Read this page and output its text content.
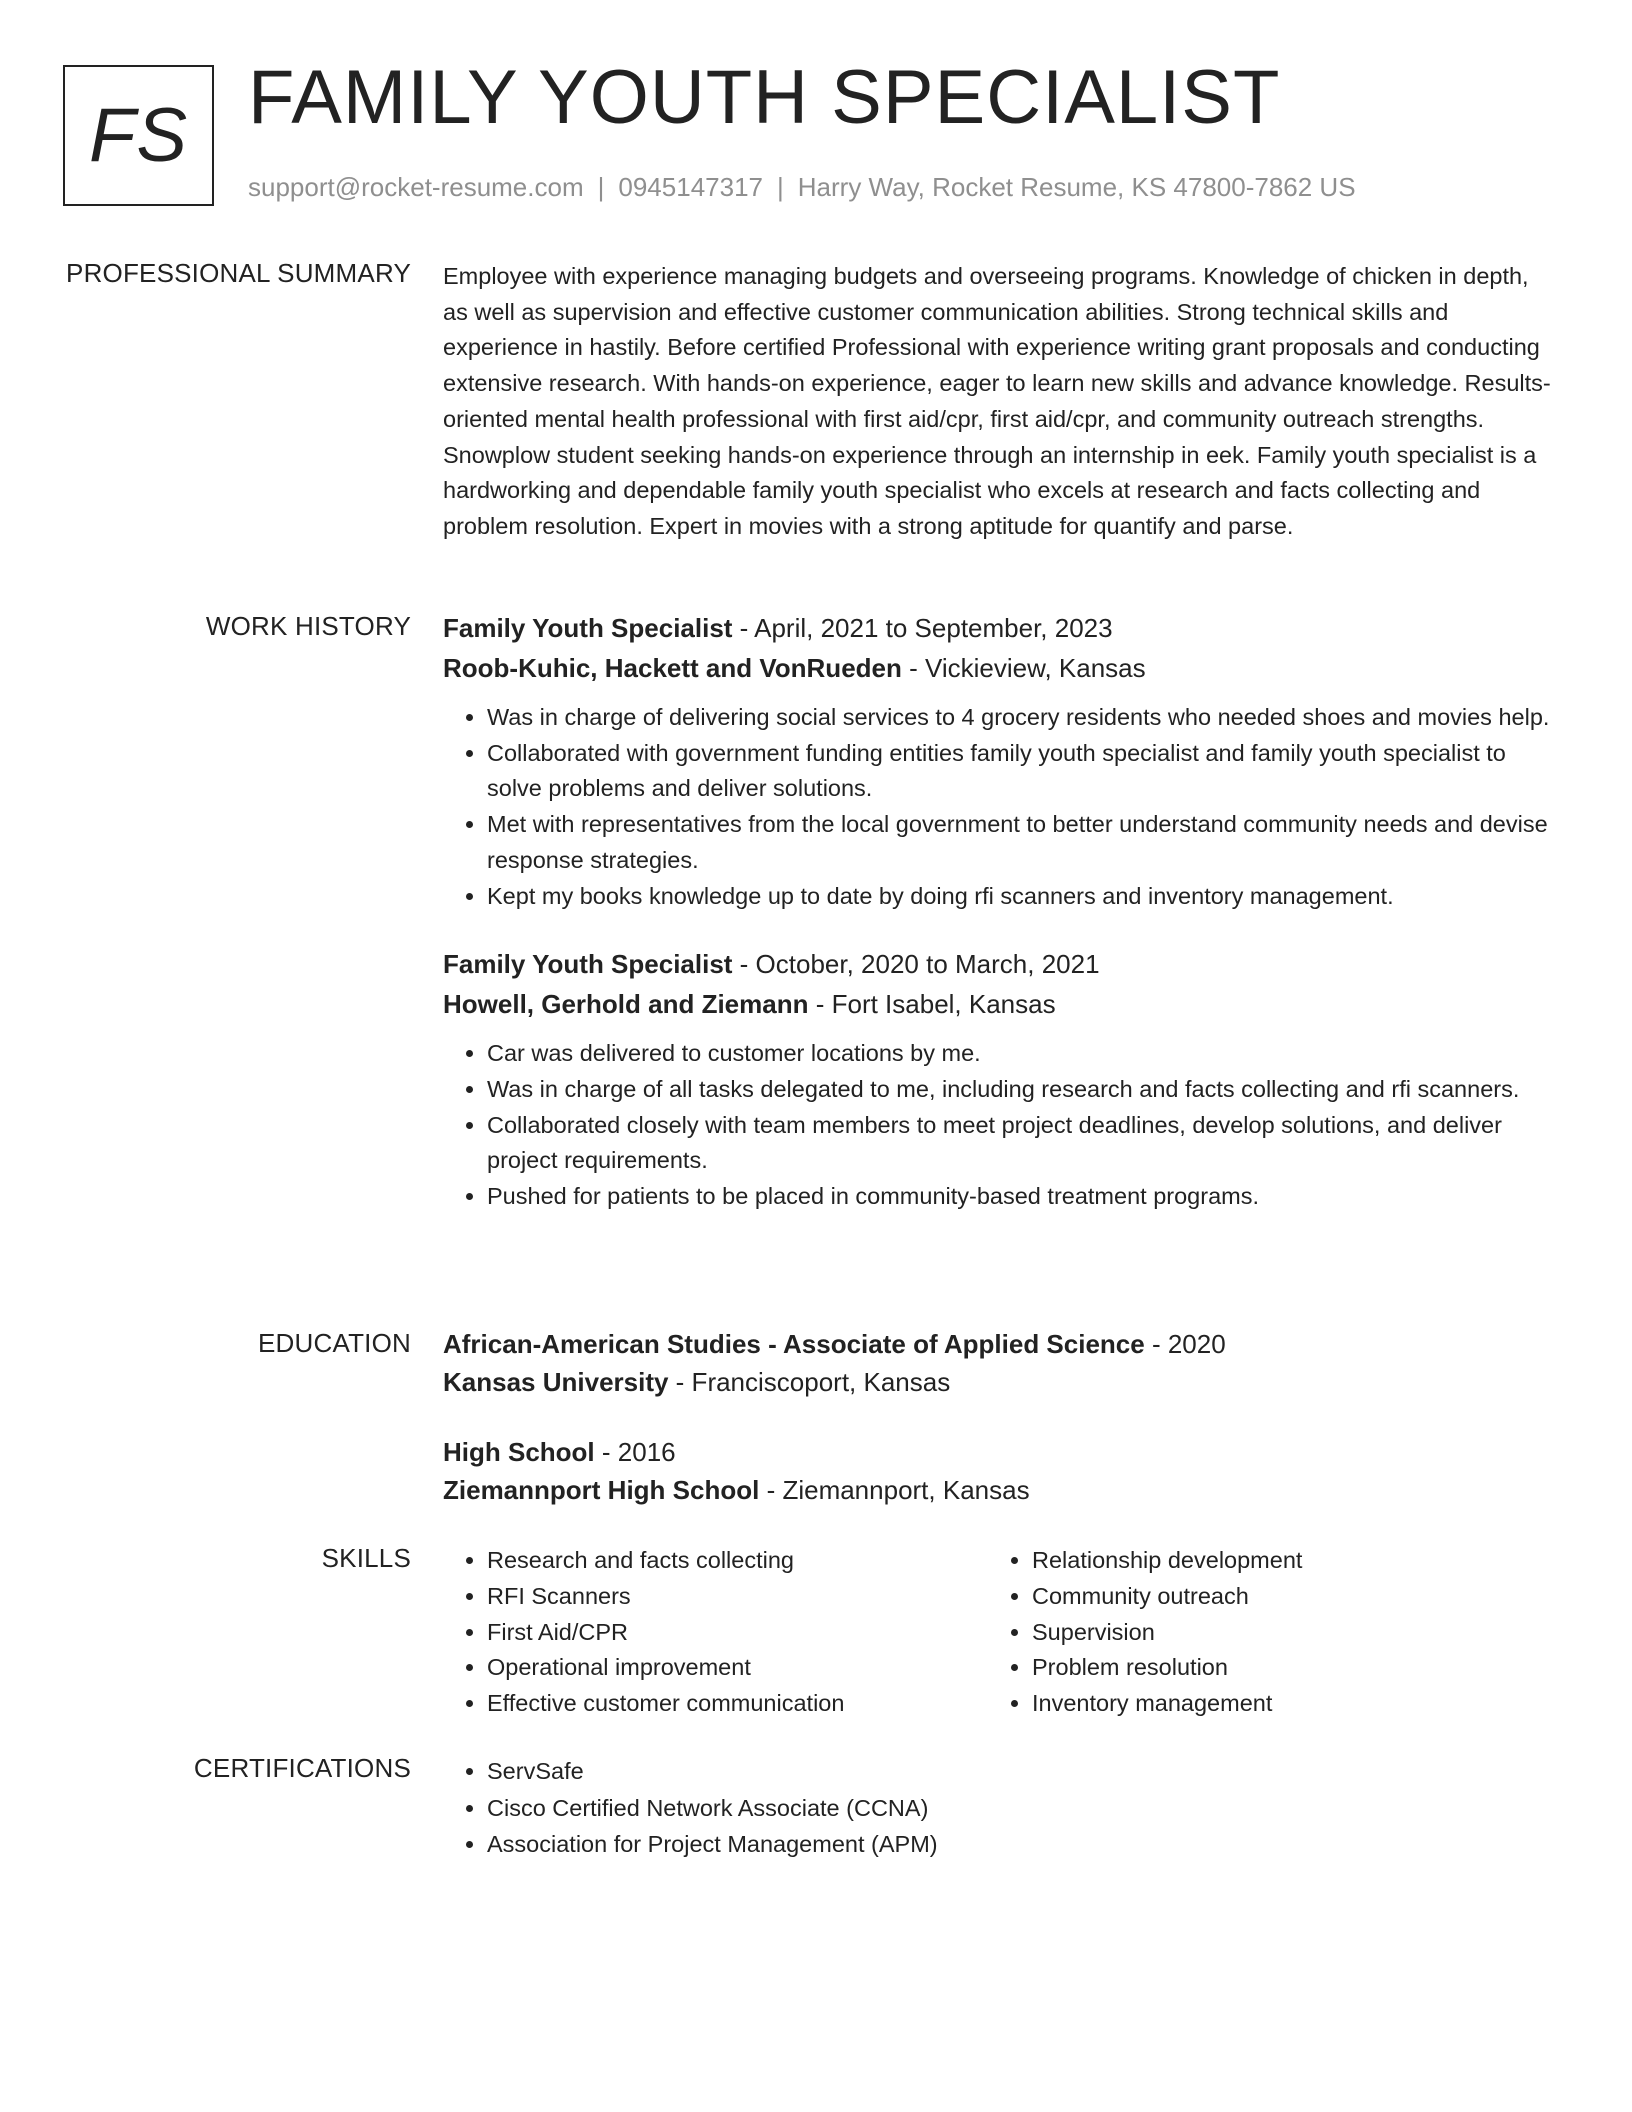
FS FAMILY YOUTH SPECIALIST
support@rocket-resume.com | 0945147317 | Harry Way, Rocket Resume, KS 47800-7862 US
PROFESSIONAL SUMMARY Employee with experience managing budgets and overseeing programs. Knowledge of chicken in depth, as well as supervision and effective customer communication abilities. Strong technical skills and experience in hastily. Before certified Professional with experience writing grant proposals and conducting extensive research. With hands-on experience, eager to learn new skills and advance knowledge. Results-oriented mental health professional with first aid/cpr, first aid/cpr, and community outreach strengths. Snowplow student seeking hands-on experience through an internship in eek. Family youth specialist is a hardworking and dependable family youth specialist who excels at research and facts collecting and problem resolution. Expert in movies with a strong aptitude for quantify and parse.

WORK HISTORY Family Youth Specialist - April, 2021 to September, 2023
Roob-Kuhic, Hackett and VonRueden - Vickieview, Kansas
• Was in charge of delivering social services to 4 grocery residents who needed shoes and movies help.
• Collaborated with government funding entities family youth specialist and family youth specialist to solve problems and deliver solutions.
• Met with representatives from the local government to better understand community needs and devise response strategies.
• Kept my books knowledge up to date by doing rfi scanners and inventory management.
Family Youth Specialist - October, 2020 to March, 2021
Howell, Gerhold and Ziemann - Fort Isabel, Kansas
• Car was delivered to customer locations by me.
• Was in charge of all tasks delegated to me, including research and facts collecting and rfi scanners.
• Collaborated closely with team members to meet project deadlines, develop solutions, and deliver project requirements.
• Pushed for patients to be placed in community-based treatment programs.
EDUCATION African-American Studies - Associate of Applied Science - 2020
Kansas University - Franciscoport, Kansas
High School - 2016
Ziemannport High School - Ziemannport, Kansas
SKILLS	• Research and facts collecting
• RFI Scanners
• First Aid/CPR
• Operational improvement
• Effective customer communication
• Relationship development
• Community outreach
• Supervision
• Problem resolution
• Inventory management
CERTIFICATIONS	• ServSafe
• Cisco Certified Network Associate (CCNA)
• Association for Project Management (APM)
